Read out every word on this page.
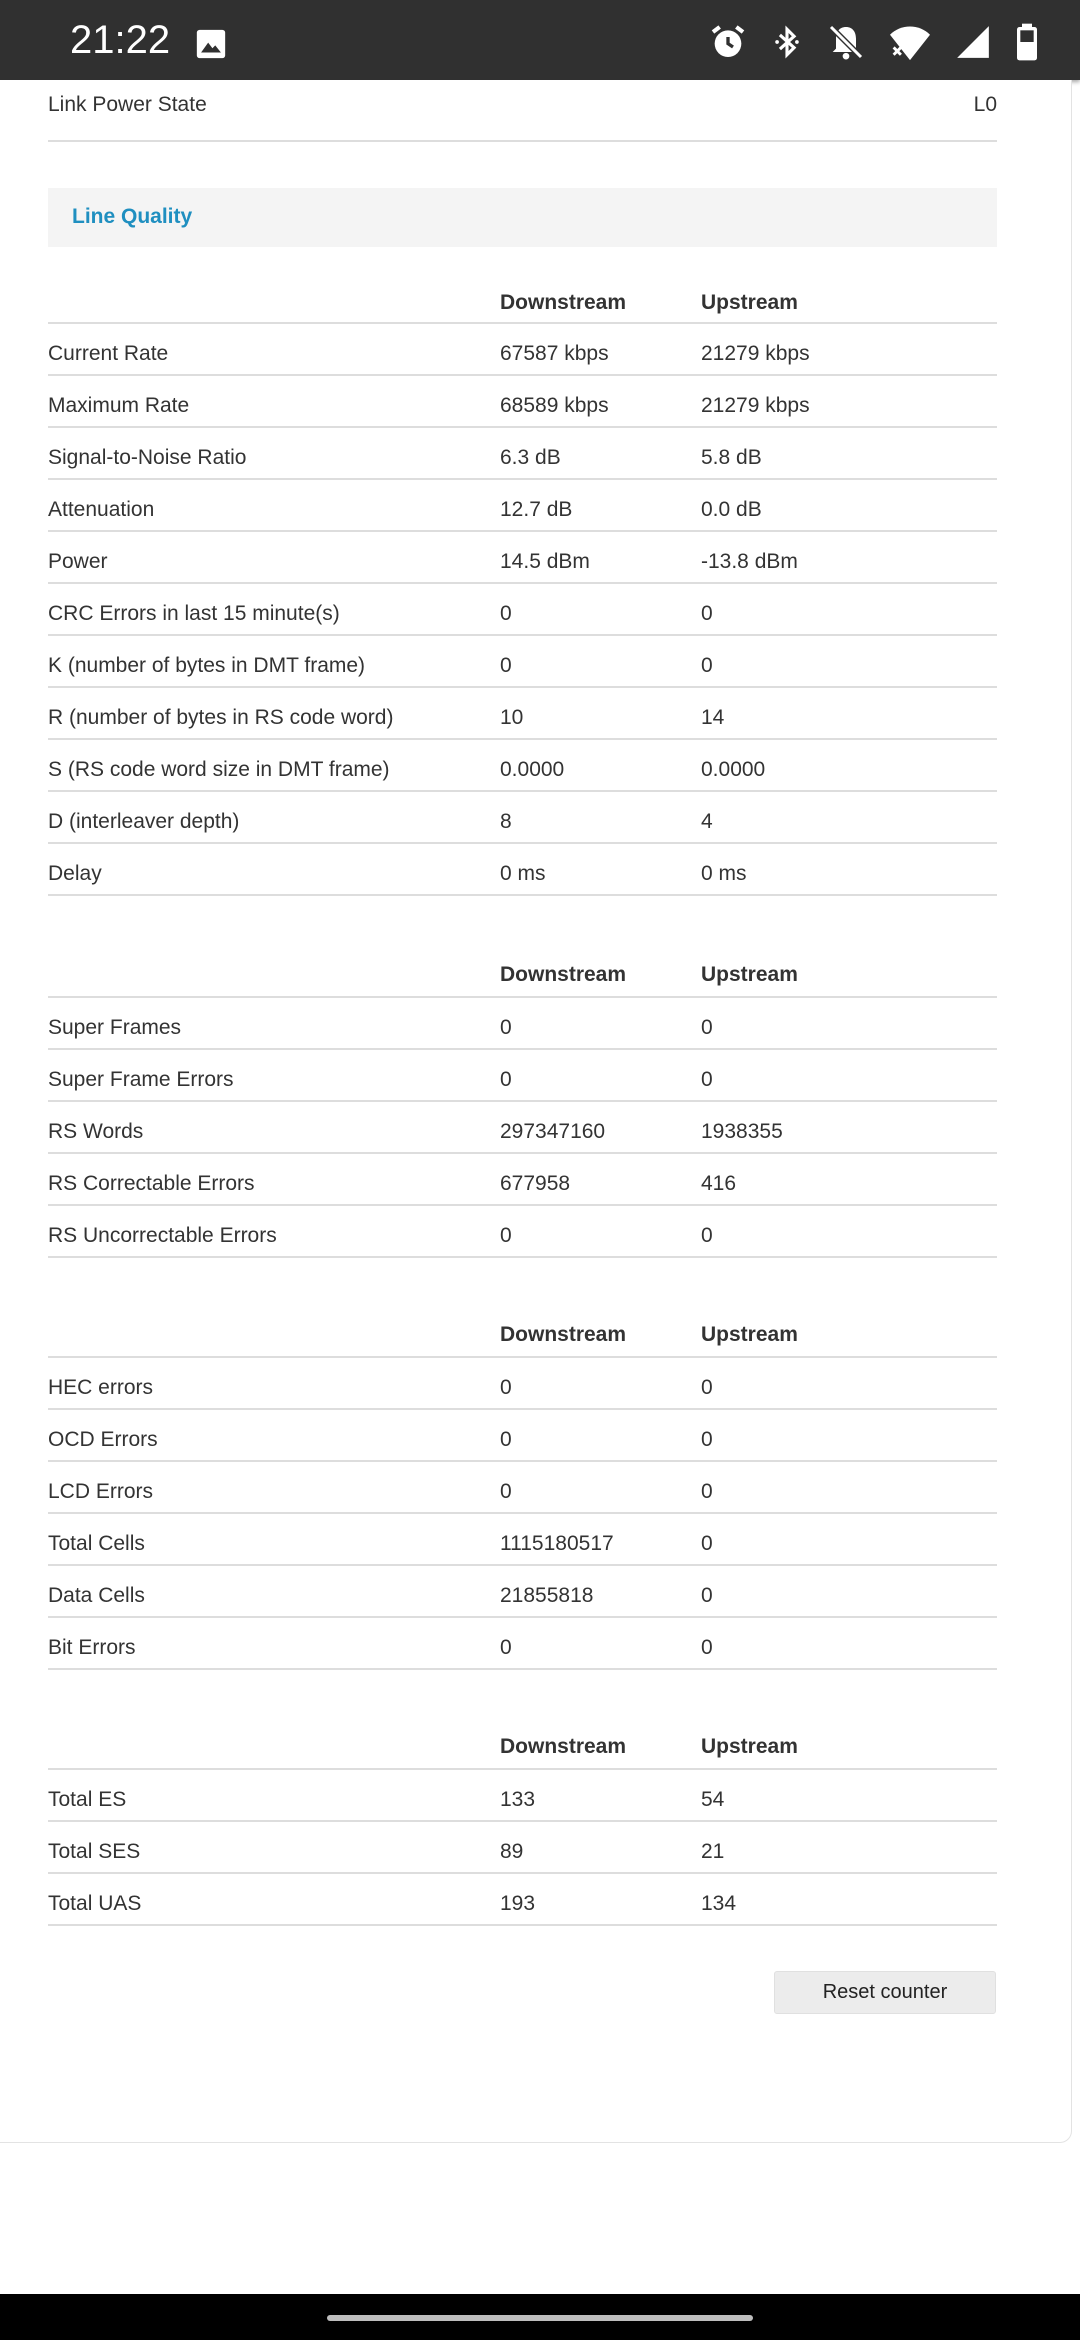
21:22
Link Power State	L0
Line Quality
Downstream	Upstream
Current Rate	67587 kbps	21279 kbps
Maximum Rate	68589 kbps	21279 kbps
Signal-to-Noise Ratio	6.3 dB	5.8 dB
Attenuation	12.7 dB	0.0 dB
Power	14.5 dBm	-13.8 dBm
CRC Errors in last 15 minute(s)	0	0
K (number of bytes in DMT frame)	0	0
R (number of bytes in RS code word)	10	14
S (RS code word size in DMT frame)	0.0000	0.0000
D (interleaver depth)	8	4
Delay	0 ms	0 ms
Downstream	Upstream
Super Frames	0	0
Super Frame Errors	0	0
RS Words	297347160	1938355
RS Correctable Errors	677958	416
RS Uncorrectable Errors	0	0
Downstream	Upstream
HEC errors	0	0
OCD Errors	0	0
LCD Errors	0	0
Total Cells	1115180517	0
Data Cells	21855818	0
Bit Errors	0	0
Downstream	Upstream
Total ES	133	54
Total SES	89	21
Total UAS	193	134
Reset counter
